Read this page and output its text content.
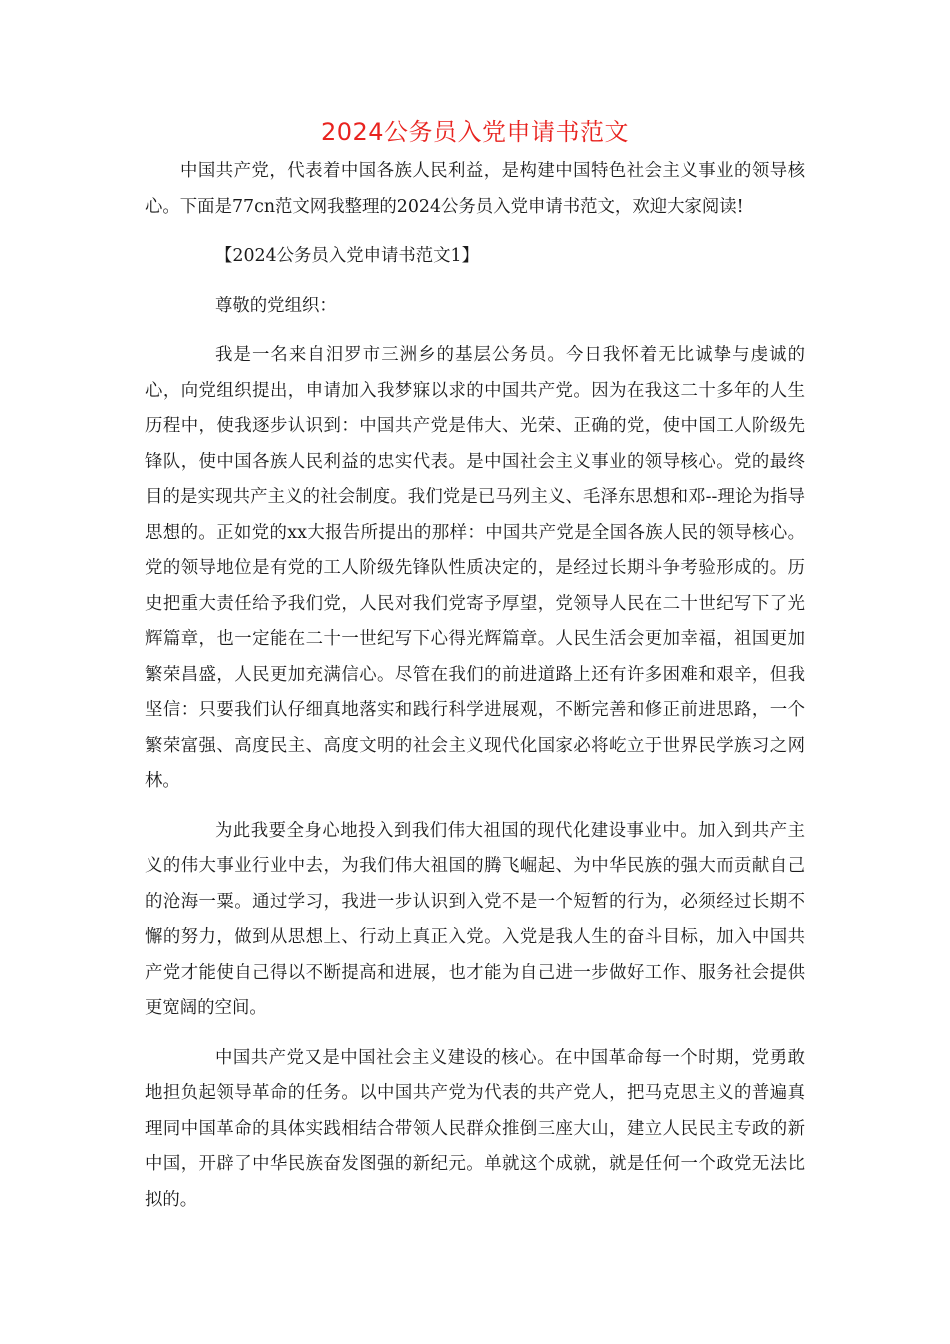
2024公务员入党申请书范文

中国共产党，代表着中国各族人民利益，是构建中国特色社会主义事业的领导核心。下面是77cn范文网我整理的2024公务员入党申请书范文，欢迎大家阅读!

【2024公务员入党申请书范文1】

尊敬的党组织：

我是一名来自汨罗市三洲乡的基层公务员。今日我怀着无比诚挚与虔诚的心，向党组织提出，申请加入我梦寐以求的中国共产党。因为在我这二十多年的人生历程中，使我逐步认识到：中国共产党是伟大、光荣、正确的党，使中国工人阶级先锋队，使中国各族人民利益的忠实代表。是中国社会主义事业的领导核心。党的最终目的是实现共产主义的社会制度。我们党是已马列主义、毛泽东思想和邓--理论为指导思想的。正如党的xx大报告所提出的那样：中国共产党是全国各族人民的领导核心。党的领导地位是有党的工人阶级先锋队性质决定的，是经过长期斗争考验形成的。历史把重大责任给予我们党，人民对我们党寄予厚望，党领导人民在二十世纪写下了光辉篇章，也一定能在二十一世纪写下心得光辉篇章。人民生活会更加幸福，祖国更加繁荣昌盛，人民更加充满信心。尽管在我们的前进道路上还有许多困难和艰辛，但我坚信：只要我们认仔细真地落实和践行科学进展观，不断完善和修正前进思路，一个繁荣富强、高度民主、高度文明的社会主义现代化国家必将屹立于世界民学族习之网林。

为此我要全身心地投入到我们伟大祖国的现代化建设事业中。加入到共产主义的伟大事业行业中去，为我们伟大祖国的腾飞崛起、为中华民族的强大而贡献自己的沧海一粟。通过学习，我进一步认识到入党不是一个短暂的行为，必须经过长期不懈的努力，做到从思想上、行动上真正入党。入党是我人生的奋斗目标，加入中国共产党才能使自己得以不断提高和进展，也才能为自己进一步做好工作、服务社会提供更宽阔的空间。

中国共产党又是中国社会主义建设的核心。在中国革命每一个时期，党勇敢地担负起领导革命的任务。以中国共产党为代表的共产党人，把马克思主义的普遍真理同中国革命的具体实践相结合带领人民群众推倒三座大山，建立人民民主专政的新中国，开辟了中华民族奋发图强的新纪元。单就这个成就，就是任何一个政党无法比拟的。
